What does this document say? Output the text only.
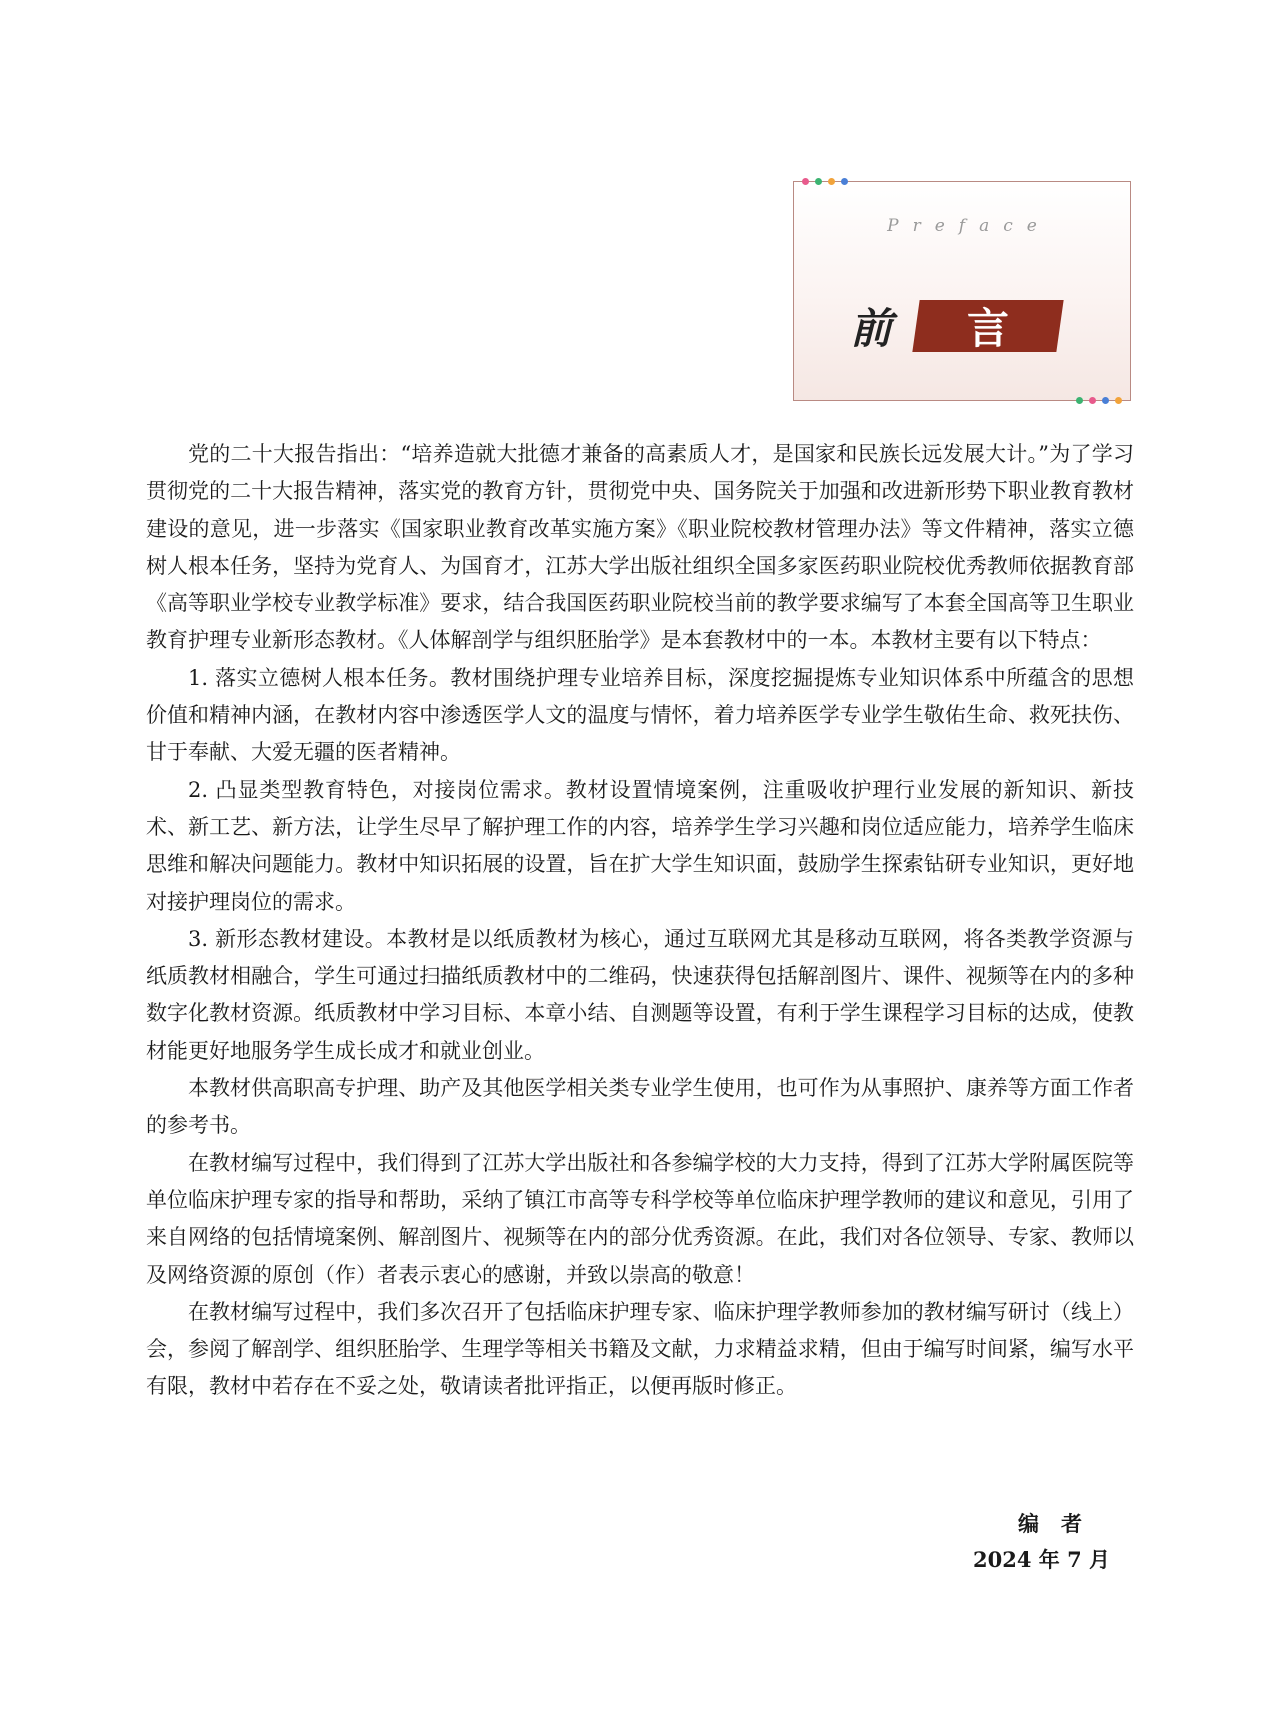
Preface
前	言

党的二十大报告指出：“培养造就大批德才兼备的高素质人才，是国家和民族长远发展大计。”为了学习贯彻党的二十大报告精神，落实党的教育方针，贯彻党中央、国务院关于加强和改进新形势下职业教育教材建设的意见，进一步落实《国家职业教育改革实施方案》《职业院校教材管理办法》等文件精神，落实立德树人根本任务，坚持为党育人、为国育才，江苏大学出版社组织全国多家医药职业院校优秀教师依据教育部《高等职业学校专业教学标准》要求，结合我国医药职业院校当前的教学要求编写了本套全国高等卫生职业教育护理专业新形态教材。《人体解剖学与组织胚胎学》是本套教材中的一本。本教材主要有以下特点：

1. 落实立德树人根本任务。教材围绕护理专业培养目标，深度挖掘提炼专业知识体系中所蕴含的思想价值和精神内涵，在教材内容中渗透医学人文的温度与情怀，着力培养医学专业学生敬佑生命、救死扶伤、甘于奉献、大爱无疆的医者精神。

2. 凸显类型教育特色，对接岗位需求。教材设置情境案例，注重吸收护理行业发展的新知识、新技术、新工艺、新方法，让学生尽早了解护理工作的内容，培养学生学习兴趣和岗位适应能力，培养学生临床思维和解决问题能力。教材中知识拓展的设置，旨在扩大学生知识面，鼓励学生探索钻研专业知识，更好地对接护理岗位的需求。

3. 新形态教材建设。本教材是以纸质教材为核心，通过互联网尤其是移动互联网，将各类教学资源与纸质教材相融合，学生可通过扫描纸质教材中的二维码，快速获得包括解剖图片、课件、视频等在内的多种数字化教材资源。纸质教材中学习目标、本章小结、自测题等设置，有利于学生课程学习目标的达成，使教材能更好地服务学生成长成才和就业创业。

本教材供高职高专护理、助产及其他医学相关类专业学生使用，也可作为从事照护、康养等方面工作者的参考书。

在教材编写过程中，我们得到了江苏大学出版社和各参编学校的大力支持，得到了江苏大学附属医院等单位临床护理专家的指导和帮助，采纳了镇江市高等专科学校等单位临床护理学教师的建议和意见，引用了来自网络的包括情境案例、解剖图片、视频等在内的部分优秀资源。在此，我们对各位领导、专家、教师以及网络资源的原创（作）者表示衷心的感谢，并致以崇高的敬意！

在教材编写过程中，我们多次召开了包括临床护理专家、临床护理学教师参加的教材编写研讨（线上）会，参阅了解剖学、组织胚胎学、生理学等相关书籍及文献，力求精益求精，但由于编写时间紧，编写水平有限，教材中若存在不妥之处，敬请读者批评指正，以便再版时修正。

编者
2024 年 7 月
